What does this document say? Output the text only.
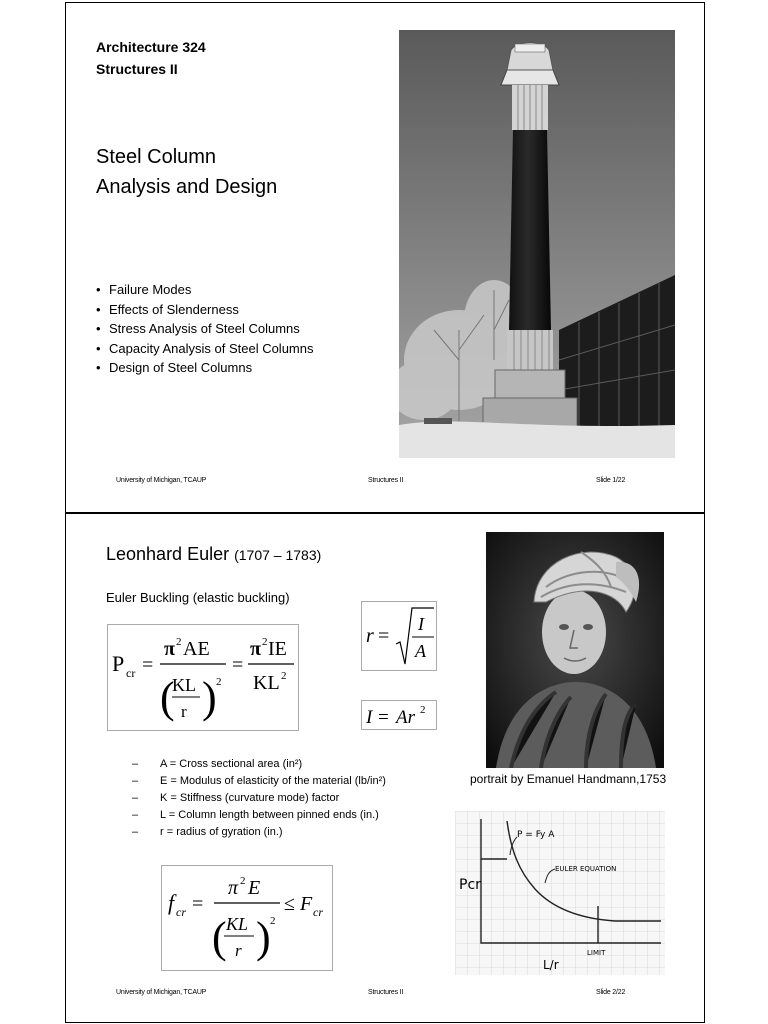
Architecture 324
Structures II
Steel Column
Analysis and Design
• Failure Modes
• Effects of Slenderness
• Stress Analysis of Steel Columns
• Capacity Analysis of Steel Columns
• Design of Steel Columns
University of Michigan, TCAUP	Structures II	Slide 1/22
Leonhard Euler (1707 – 1783)
Euler Buckling (elastic buckling)
P cr =
π 2 AE
(
KL
r ) 2
=
π 2 IE
KL 2
r =
I
A
I = Ar 2
– A = Cross sectional area (in²)
– E = Modulus of elasticity of the material (lb/in²)
– K = Stiffness (curvature mode) factor
– L = Column length between pinned ends (in.)
– r = radius of gyration (in.)
f cr =
π 2 E
( KL
r ) 2
≤ F cr
portrait by Emanuel Handmann,1753
Pcr
P = Fy A
EULER EQUATION
LIMIT
L/r
University of Michigan, TCAUP	Structures II	Slide 2/22
